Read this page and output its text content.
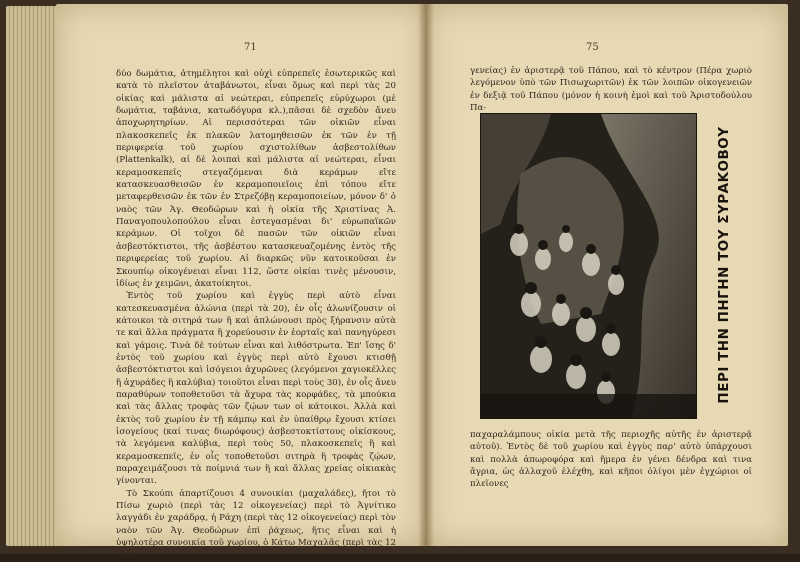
71

δύο δωμάτια, ἀτημέλητοι καὶ οὐχὶ εὐπρεπεῖς ἐσωτερικῶς καὶ κατὰ τὸ πλεῖστον ἀταβάνωτοι, εἶναι ὅμως καὶ περὶ τὰς 20 οἰκίας καὶ μάλιστα αἱ νεώτεραι, εὐπρεπεῖς εὐρύχωροι (μὲ δωμάτια, ταβάνια, κατωδόγυρα κλ.),πᾶσαι δὲ σχεδὸν ἄνευ ἀποχωρητηρίων. Αἱ περισσότεραι τῶν οἰκιῶν εἶναι πλακοσκεπεῖς ἐκ πλακῶν λατομηθεισῶν ἐκ τῶν ἐν τῇ περιφερείᾳ τοῦ χωρίου σχιστολίθων ἀσβεστολίθων (Plattenkalk), αἱ δὲ λοιπαὶ καὶ μάλιστα αἱ νεώτεραι, εἶναι κεραμοσκεπεῖς στεγαζόμεναι διὰ κεράμων εἴτε κατασκευασθεισῶν ἐν κεραμοποιεῖοις ἐπὶ τόπου εἴτε μεταφερθεισῶν ἐκ τῶν ἐν Στρεζόβῃ κεραμοποιείων, μόνον δ' ὁ ναὸς τῶν Ἁγ. Θεοδώρων καὶ ἡ οἰκία τῆς Χριστίνας Ἀ. Παναγοπουλοπούλου εἶναι ἐστεγασμέναι δι' εὐρωπαϊκῶν κεράμων. Οἱ τοῖχοι δὲ πασῶν τῶν οἰκιῶν εἶναι ἀσβεστόκτιστοι, τῆς ἀσβέστου κατασκευαζομένης ἐντὸς τῆς περιφερείας τοῦ χωρίου. Αἱ διαρκῶς νῦν κατοικοῦσαι ἐν Σκουπίῳ οἰκογένειαι εἶναι 112, ὥστε οἰκίαι τινὲς μένουσιν, ἰδίως ἐν χειμῶνι, ἀκατοίκητοι.

Ἐντὸς τοῦ χωρίου καὶ ἐγγὺς περὶ αὐτὸ εἶναι κατεσκευασμένα ἀλώνια (περὶ τὰ 20), ἐν οἷς ἀλωνίζουσιν οἱ κάτοικοι τὰ σιτηρά των ἢ καὶ ἁπλώνουσι πρὸς ξήρανσιν αὐτὰ τε καὶ ἄλλα πράγματα ἢ χορεύουσιν ἐν ἑορταῖς καὶ πανηγύρεσι καὶ γάμοις. Τινὰ δὲ τούτων εἶναι καὶ λιθόστρωτα. Ἐπ' ἴσης δ' ἐντὸς τοῦ χωρίου καὶ ἐγγὺς περὶ αὐτὸ ἔχουσι κτισθῇ ἀσβεστόκτιστοι καὶ ἰσόγειοι ἀχυρῶνες (λεγόμενοι χαγιοκέλλες ἢ ἀχυράδες ἢ καλύβια) τοιοῦτοι εἶναι περὶ τοὺς 30), ἐν οἷς ἄνευ παραθύρων τοποθετοῦσι τὰ ἄχυρα τὰς κορφάδες, τὰ μπούκια καὶ τὰς ἄλλας τροφὰς τῶν ζῴων των οἱ κάτοικοι. Ἀλλὰ καὶ ἐκτὸς τοῦ χωρίου ἐν τῇ κάμπῳ καὶ ἐν ὑπαίθρῳ ἔχουσι κτίσει ἰσογείους (καί τινας διωρόφους) ἀσβεστοκτίστους οἰκίσκους, τὰ λεγόμενα καλύβια, περὶ τοὺς 50, πλακοσκεπεῖς ἢ καὶ κεραμοσκεπεῖς, ἐν οἷς τοποθετοῦσι σιτηρὰ ἢ τροφὰς ζῴων, παραχειμάζουσι τὰ ποίμνιά των ἢ καὶ ἄλλας χρείας οἰκιακὰς γίνονται.

Τὸ Σκούπι ἀπαρτίζουσι 4 συνοικίαι (μαχαλάδες), ἤτοι τὸ Πίσω χωριὸ (περὶ τὰς 12 οἰκογενείας) περὶ τὸ Ἀγνίτικο λαγγάδι ἐν χαράδρᾳ, ἡ Ράχη (περὶ τὰς 12 οἰκογενείας) περὶ τὸν ναὸν τῶν Ἁγ. Θεοδώρων ἐπὶ ῥάχεως, ἥτις εἶναι καὶ ἡ ὑψηλοτέρα συνοικία τοῦ χωρίου, ὁ Κάτω Μαχαλᾶς (περὶ τὰς 12 οἰκο-

75
γενείας) ἐν ἀριστερᾷ τοῦ Πάπου, καὶ τὸ κέντρον (Πέρα χωριὸ λεγόμενον ὑπὸ τῶν Πισωχωριτῶν) ἐκ τῶν λοιπῶν οἰκογενειῶν ἐν δεξιᾷ τοῦ Πάπου (μόνον ἡ κοινὴ ἐμοὶ καὶ τοῦ Ἀριστοδούλου Πα-
ΠΕΡΙ ΤΗΝ ΠΗΓΗΝ ΤΟΥ ΣΥΡΑΚΟΒΟΥ
παχαραλάμπους οἰκία μετὰ τῆς περιοχῆς αὐτῆς ἐν ἀριστερᾷ αὐτοῦ). Ἐντὸς δὲ τοῦ χωρίου καὶ ἐγγὺς παρ' αὐτὸ ὑπάρχουσι καὶ πολλὰ ἀπωροφόρα καὶ ἥμερα ἐν γένει δένδρα καὶ τινα ἄγρια, ὡς ἀλλαχοῦ ἐλέχθη, καὶ κῆποι ὀλίγοι μὲν ἐγχώριοι οἱ πλεῖονες
